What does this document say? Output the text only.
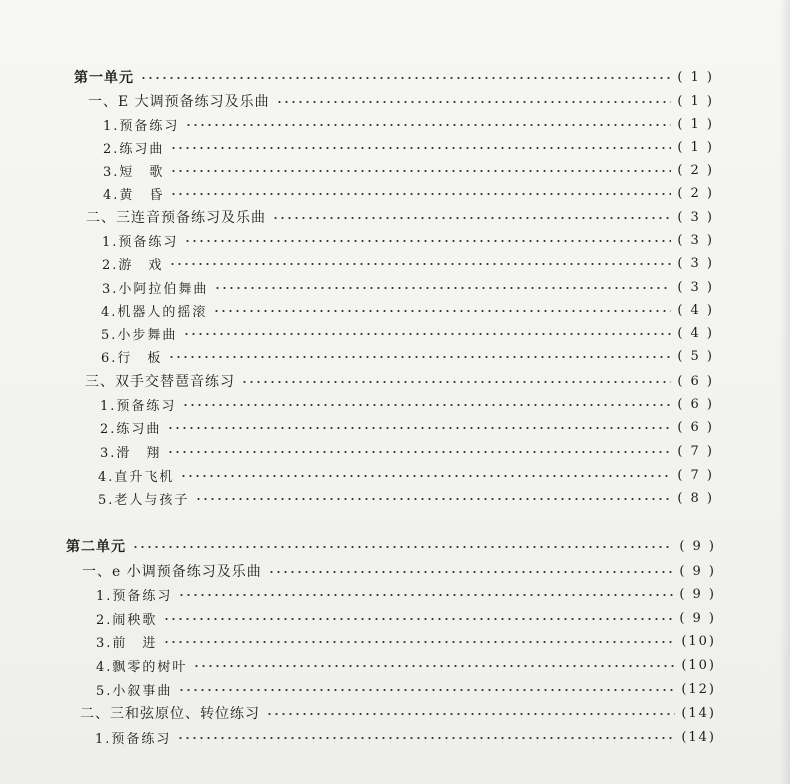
第一单元	( 1 )
一、E 大调预备练习及乐曲	( 1 )
1.预备练习	( 1 )
2.练习曲	( 1 )
3.短　歌	( 2 )
4.黄　昏	( 2 )
二、三连音预备练习及乐曲	( 3 )
1.预备练习	( 3 )
2.游　戏	( 3 )
3.小阿拉伯舞曲	( 3 )
4.机器人的摇滚	( 4 )
5.小步舞曲	( 4 )
6.行　板	( 5 )
三、双手交替琶音练习	( 6 )
1.预备练习	( 6 )
2.练习曲	( 6 )
3.滑　翔	( 7 )
4.直升飞机	( 7 )
5.老人与孩子	( 8 )
第二单元	( 9 )
一、e 小调预备练习及乐曲	( 9 )
1.预备练习	( 9 )
2.闹秧歌	( 9 )
3.前　进	(10)
4.飘零的树叶	(10)
5.小叙事曲	(12)
二、三和弦原位、转位练习	(14)
1.预备练习	(14)
